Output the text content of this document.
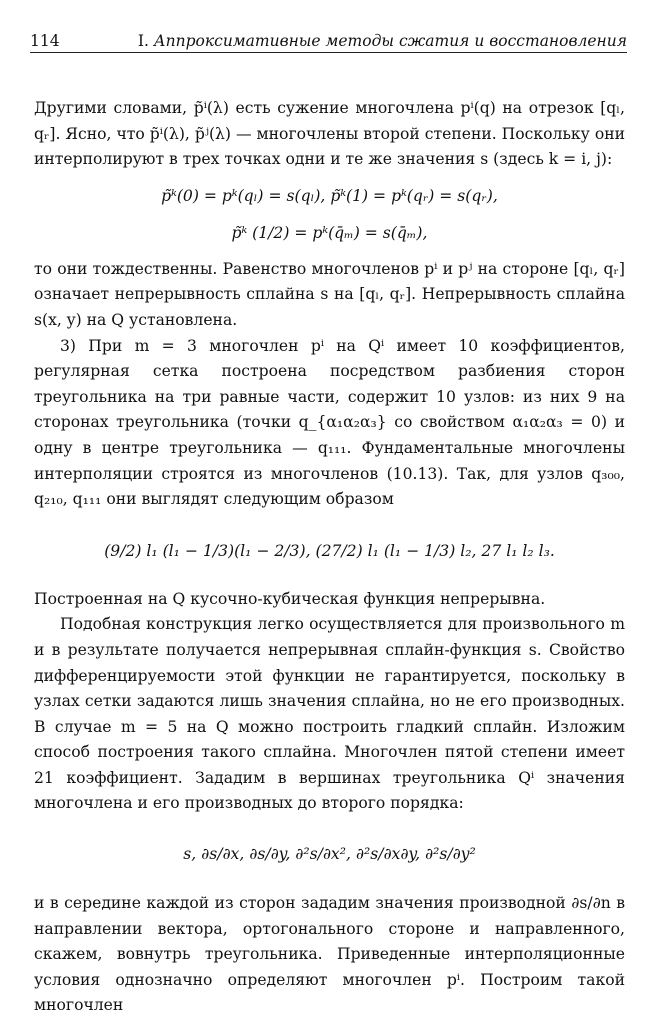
114	I. Аппроксимативные методы сжатия и восстановления

Другими словами, p̃ⁱ(λ) есть сужение многочлена pⁱ(q) на отрезок [qₗ, qᵣ]. Ясно, что p̃ⁱ(λ), p̃ʲ(λ) — многочлены второй степени. Поскольку они интерполируют в трех точках одни и те же значения s (здесь k = i, j):

p̃ᵏ(0) = pᵏ(qₗ) = s(qₗ), p̃ᵏ(1) = pᵏ(qᵣ) = s(qᵣ),

p̃ᵏ (1/2) = pᵏ(q̄ₘ) = s(q̄ₘ),

то они тождественны. Равенство многочленов pⁱ и pʲ на стороне [qₗ, qᵣ] означает непрерывность сплайна s на [qₗ, qᵣ]. Непрерывность сплайна s(x, y) на Q установлена.

3) При m = 3 многочлен pⁱ на Qⁱ имеет 10 коэффициентов, регулярная сетка построена посредством разбиения сторон треугольника на три равные части, содержит 10 узлов: из них 9 на сторонах треугольника (точки q_{α₁α₂α₃} со свойством α₁α₂α₃ = 0) и одну в центре треугольника — q₁₁₁. Фундаментальные многочлены интерполяции строятся из многочленов (10.13). Так, для узлов q₃₀₀, q₂₁₀, q₁₁₁ они выглядят следующим образом

(9/2) l₁ (l₁ − 1/3)(l₁ − 2/3), (27/2) l₁ (l₁ − 1/3) l₂, 27 l₁ l₂ l₃.

Построенная на Q кусочно-кубическая функция непрерывна.

Подобная конструкция легко осуществляется для произвольного m и в результате получается непрерывная сплайн-функция s. Свойство дифференцируемости этой функции не гарантируется, поскольку в узлах сетки задаются лишь значения сплайна, но не его производных. В случае m = 5 на Q можно построить гладкий сплайн. Изложим способ построения такого сплайна. Многочлен пятой степени имеет 21 коэффициент. Зададим в вершинах треугольника Qⁱ значения многочлена и его производных до второго порядка:

s, ∂s/∂x, ∂s/∂y, ∂²s/∂x², ∂²s/∂x∂y, ∂²s/∂y²

и в середине каждой из сторон зададим значения производной ∂s/∂n в направлении вектора, ортогонального стороне и направленного, скажем, вовнутрь треугольника. Приведенные интерполяционные условия однозначно определяют многочлен pⁱ. Построим такой многочлен
